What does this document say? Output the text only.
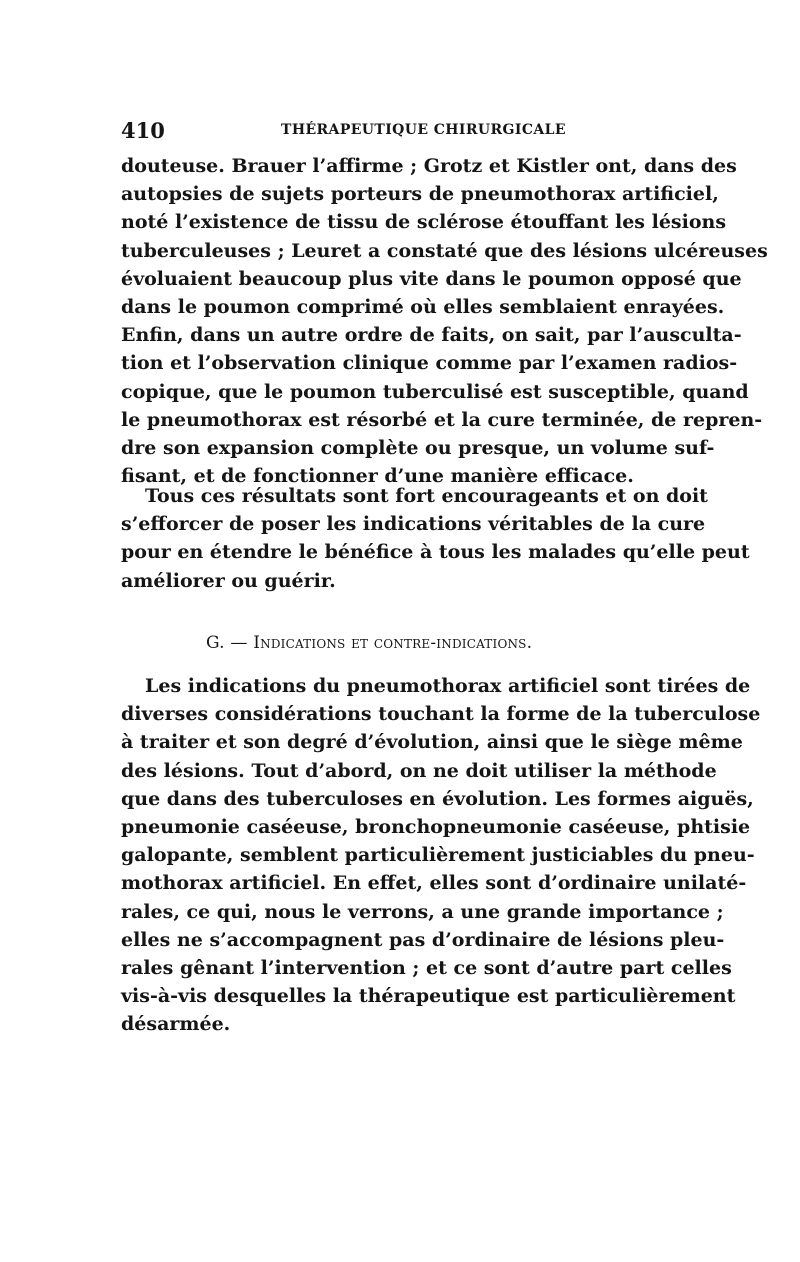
410	THÉRAPEUTIQUE CHIRURGICALE
douteuse. Brauer l’affirme ; Grotz et Kistler ont, dans des
autopsies de sujets porteurs de pneumothorax artificiel,
noté l’existence de tissu de sclérose étouffant les lésions
tuberculeuses ; Leuret a constaté que des lésions ulcéreuses
évoluaient beaucoup plus vite dans le poumon opposé que
dans le poumon comprimé où elles semblaient enrayées.
Enfin, dans un autre ordre de faits, on sait, par l’ausculta-
tion et l’observation clinique comme par l’examen radios-
copique, que le poumon tuberculisé est susceptible, quand
le pneumothorax est résorbé et la cure terminée, de repren-
dre son expansion complète ou presque, un volume suf-
fisant, et de fonctionner d’une manière efficace.
Tous ces résultats sont fort encourageants et on doit
s’efforcer de poser les indications véritables de la cure
pour en étendre le bénéfice à tous les malades qu’elle peut
améliorer ou guérir.
G. — Indications et contre-indications.
Les indications du pneumothorax artificiel sont tirées de
diverses considérations touchant la forme de la tuberculose
à traiter et son degré d’évolution, ainsi que le siège même
des lésions. Tout d’abord, on ne doit utiliser la méthode
que dans des tuberculoses en évolution. Les formes aiguës,
pneumonie caséeuse, bronchopneumonie caséeuse, phtisie
galopante, semblent particulièrement justiciables du pneu-
mothorax artificiel. En effet, elles sont d’ordinaire unilaté-
rales, ce qui, nous le verrons, a une grande importance ;
elles ne s’accompagnent pas d’ordinaire de lésions pleu-
rales gênant l’intervention ; et ce sont d’autre part celles
vis-à-vis desquelles la thérapeutique est particulièrement
désarmée.
